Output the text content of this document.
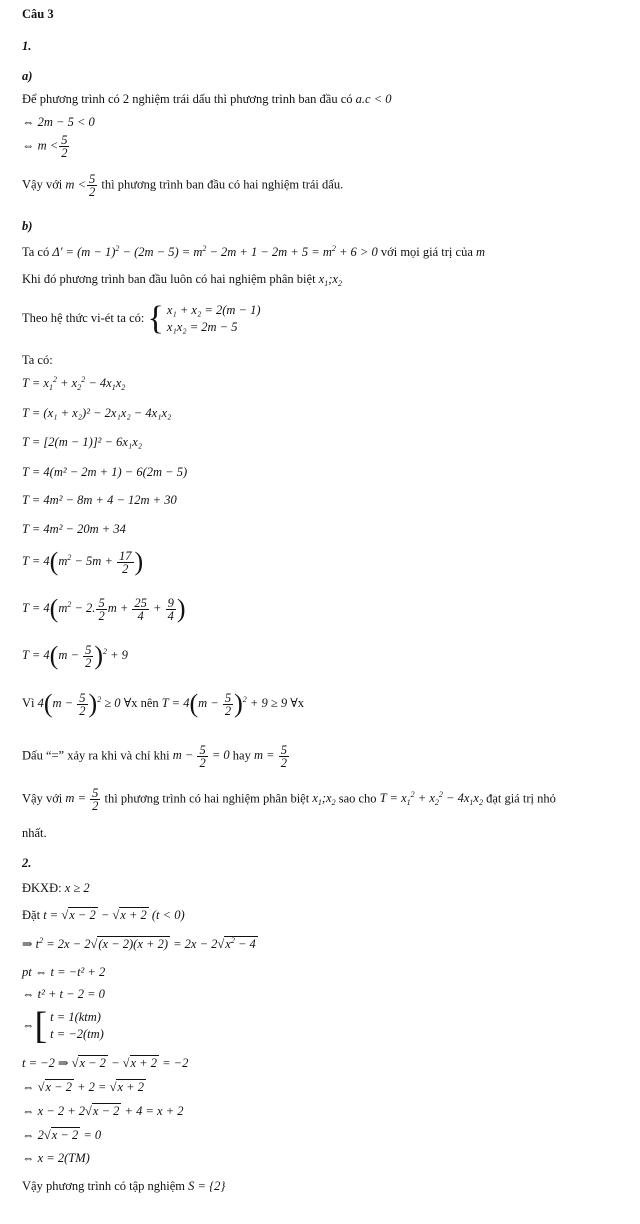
Câu 3
1.
a)
Để phương trình có 2 nghiệm trái dấu thì phương trình ban đầu có a.c < 0
⇔ 2m − 5 < 0
⇔ $m < \frac{5}{2}$
Vậy với $m < \frac{5}{2}$ thì phương trình ban đầu có hai nghiệm trái dấu.
b)
Ta có $\Delta' = (m - 1)^2 - (2m - 5) = m^2 - 2m + 1 - 2m + 5 = m^2 + 6 > 0$ với mọi giá trị của m
Khi đó phương trình ban đầu luôn có hai nghiệm phân biệt $x_1;x_2$
Theo hệ thức vi-ét ta có: { x₁ + x₂ = 2(m − 1)
x₁x₂ = 2m − 5
Ta có:
$T = x_1^2 + x_2^2 - 4x_1x_2$
T = (x₁ + x₂)² − 2x₁x₂ − 4x₁x₂
T = [2(m − 1)]² − 6x₁x₂
T = 4(m² − 2m + 1) − 6(2m − 5)
T = 4m² − 8m + 4 − 12m + 30
T = 4m² − 20m + 34
$T = 4(m^2 - 5m + \frac{17}{2}$ )
$T = 4(m^2 - 2$. $\frac{5}{2}$ $m + \frac{25}{4} + \frac{9}{4}$ )
$T = 4(m - \frac{5}{2} )^2 + 9$
Vì $4(m - \frac{5}{2} )^2 \ge 0$ ∀x nên $T = 4(m - \frac{5}{2} )^2 + 9 \ge 9$ ∀x
Dấu “=” xảy ra khi và chỉ khi $m - \frac{5}{2} = 0$ hay $m = \frac{5}{2}$
Vậy với $m = \frac{5}{2}$ thì phương trình có hai nghiệm phân biệt $x_1;x_2$ sao cho $T = x_1^2 + x_2^2 - 4x_1x_2$ đạt giá trị nhỏ
nhất.
2.
ĐKXĐ: x ≥ 2
Đặt t = √x − 2 − √x + 2 (t < 0)
⇒ $t^2 = 2x - 2√(x - 2)(x + 2) = 2x - 2√x^2 - 4$
pt ⇔ t = −t² + 2
⇔ t² + t − 2 = 0
⇔[ t = 1(ktm)
t = −2(tm)
t = −2 ⇒ √x − 2 − √x + 2 = −2
⇔ √x − 2 + 2 = √x + 2
⇔ x − 2 + 2√x − 2 + 4 = x + 2
⇔ 2√x − 2 = 0
⇔ x = 2(TM)
Vậy phương trình có tập nghiệm S = {2}
